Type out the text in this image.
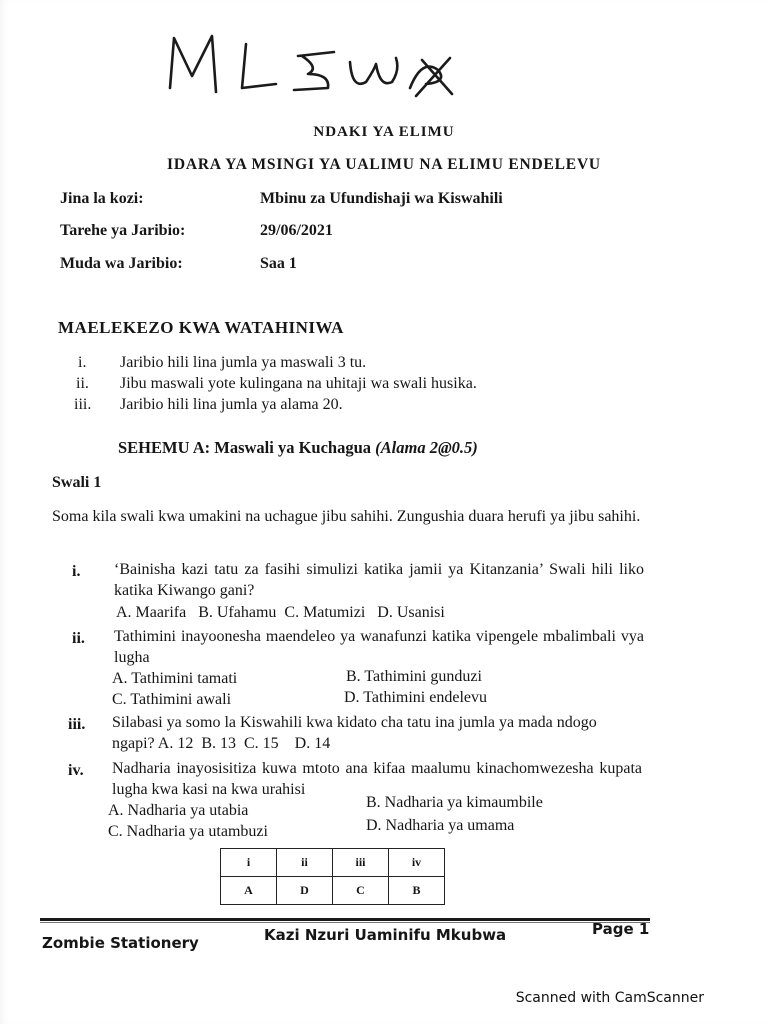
NDAKI YA ELIMU
IDARA YA MSINGI YA UALIMU NA ELIMU ENDELEVU
Jina la kozi:	Mbinu za Ufundishaji wa Kiswahili
Tarehe ya Jaribio:	29/06/2021
Muda wa Jaribio:	Saa 1
MAELEKEZO KWA WATAHINIWA
i. Jaribio hili lina jumla ya maswali 3 tu.
ii. Jibu maswali yote kulingana na uhitaji wa swali husika.
iii. Jaribio hili lina jumla ya alama 20.
SEHEMU A: Maswali ya Kuchagua (Alama 2@0.5)
Swali 1
Soma kila swali kwa umakini na uchague jibu sahihi. Zungushia duara herufi ya jibu sahihi.
i. ‘Bainisha kazi tatu za fasihi simulizi katika jamii ya Kitanzania’ Swali hili liko katika Kiwango gani?
A. Maarifa   B. Ufahamu  C. Matumizi   D. Usanisi
ii. Tathimini inayoonesha maendeleo ya wanafunzi katika vipengele mbalimbali vya lugha
A. Tathimini tamati	B. Tathimini gunduzi
C. Tathimini awali	D. Tathimini endelevu
iii. Silabasi ya somo la Kiswahili kwa kidato cha tatu ina jumla ya mada ndogo ngapi? A. 12  B. 13  C. 15    D. 14
iv. Nadharia inayosisitiza kuwa mtoto ana kifaa maalumu kinachomwezesha kupata lugha kwa kasi na kwa urahisi
A. Nadharia ya utabia	B. Nadharia ya kimaumbile
C. Nadharia ya utambuzi	D. Nadharia ya umama
i	ii	iii	iv
A	D	C	B
Zombie Stationery	Kazi Nzuri Uaminifu Mkubwa	Page 1
Scanned with CamScanner
